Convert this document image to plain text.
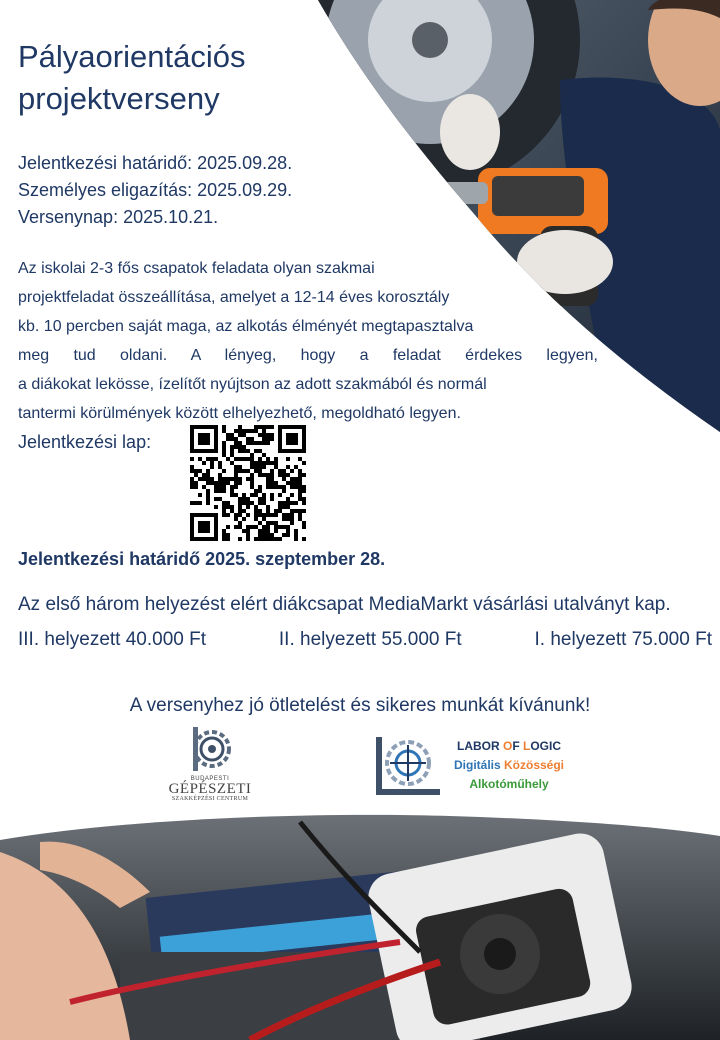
Pályaorientációs
projektverseny
Jelentkezési határidő: 2025.09.28.
Személyes eligazítás: 2025.09.29.
Versenynap: 2025.10.21.
Az iskolai 2-3 fős csapatok feladata olyan szakmai
projektfeladat összeállítása, amelyet a 12-14 éves korosztály
kb. 10 percben saját maga, az alkotás élményét megtapasztalva
meg tud oldani. A lényeg, hogy a feladat érdekes legyen,
a diákokat lekösse, ízelítőt nyújtson az adott szakmából és normál
tantermi körülmények között elhelyezhető, megoldható legyen.
Jelentkezési lap:
Jelentkezési határidő 2025. szeptember 28.

Az első három helyezést elért diákcsapat MediaMarkt vásárlási utalványt kap.

III. helyezett 40.000 Ft	II. helyezett 55.000 Ft	I. helyezett 75.000 Ft
A versenyhez jó ötletelést és sikeres munkát kívánunk!
BUDAPESTI
GÉPÉSZETI
SZAKKÉPZÉSI CENTRUM
LABOR OF LOGIC
Digitális Közösségi
Alkotóműhely
